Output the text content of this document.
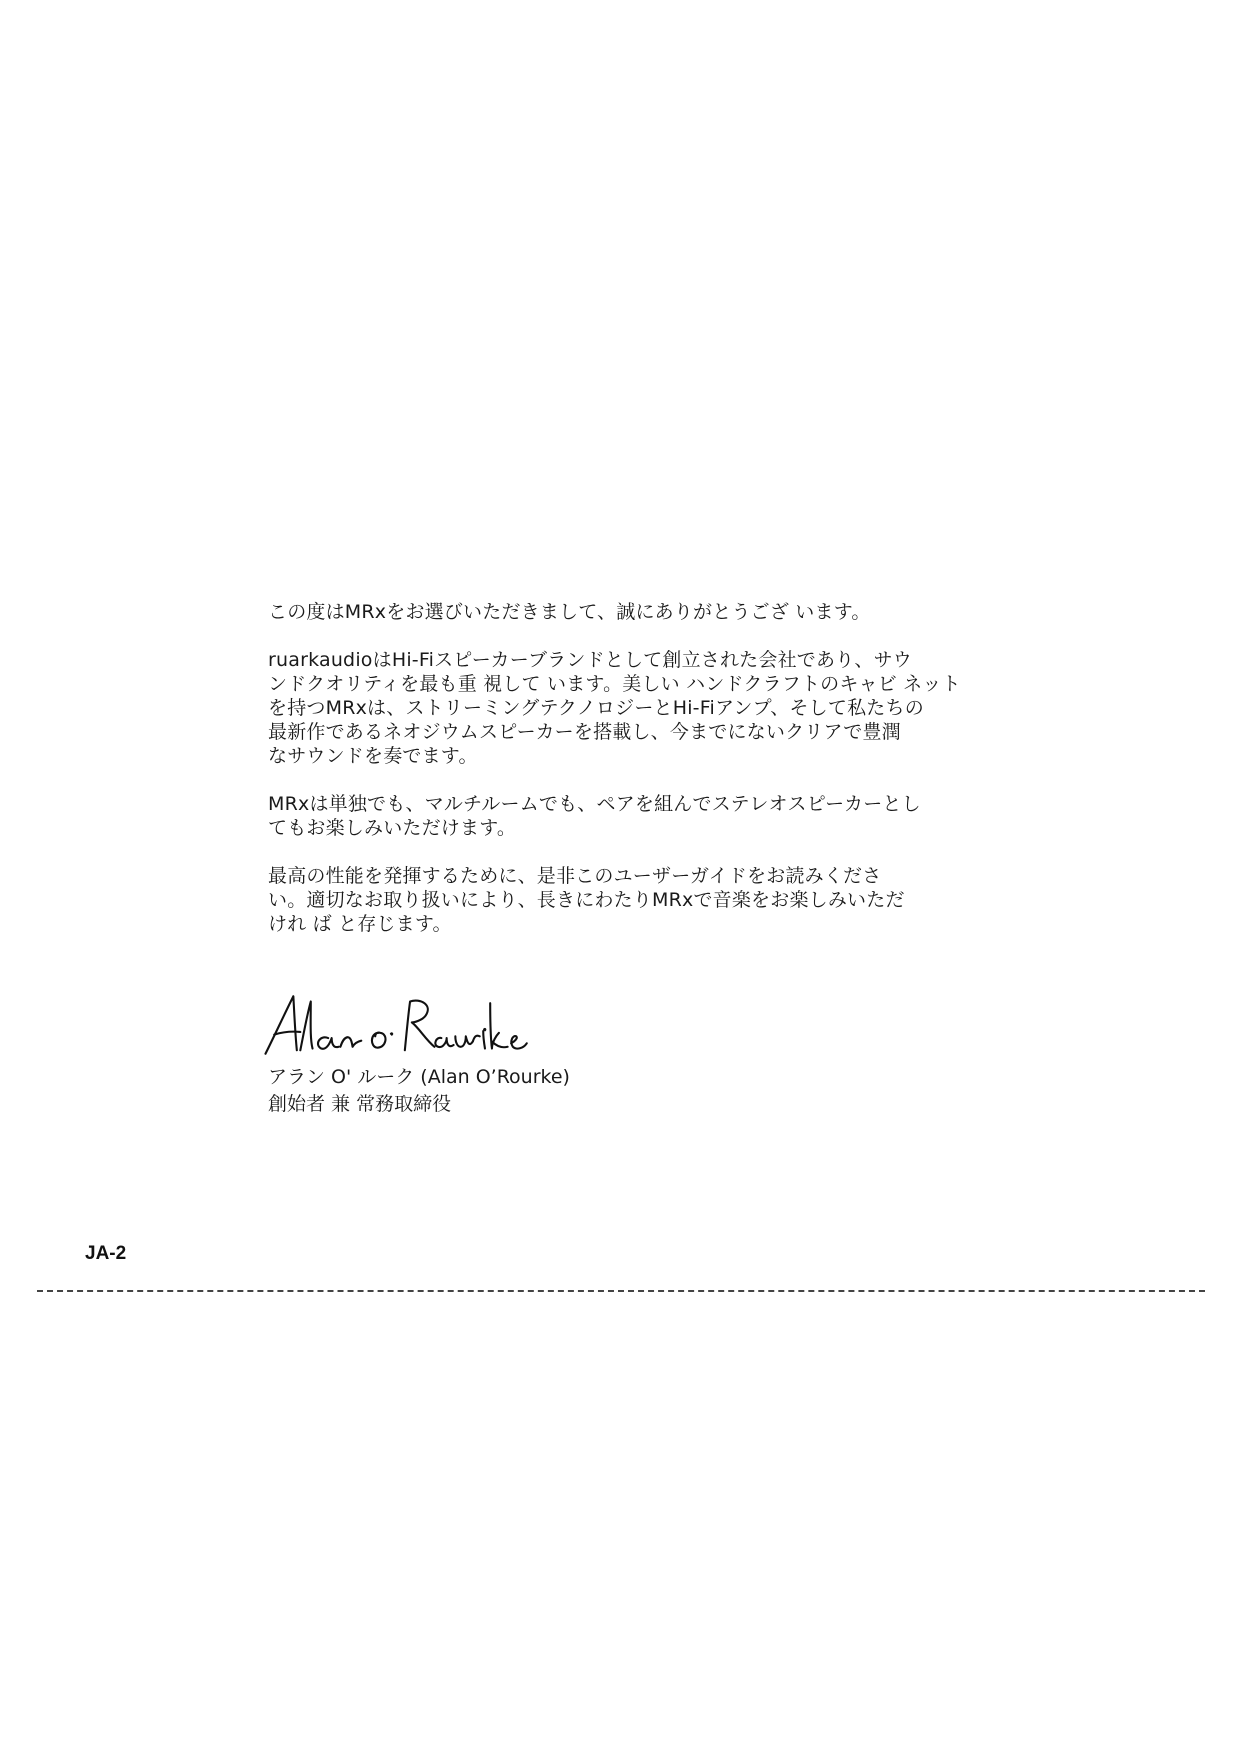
この度はMRxをお選びいただきまして、誠にありがとうござ います。
ruarkaudioはHi-Fiスピーカーブランドとして創立された会社であり、サウ
ンドクオリティを最も重 視して います。美しい ハンドクラフトのキャビ ネット
を持つMRxは、ストリーミングテクノロジーとHi-Fiアンプ、そして私たちの
最新作であるネオジウムスピーカーを搭載し、今までにないクリアで豊潤
なサウンドを奏でます。
MRxは単独でも、マルチルームでも、ペアを組んでステレオスピーカーとし
てもお楽しみいただけます。
最高の性能を発揮するために、是非このユーザーガイドをお読みくださ
い。適切なお取り扱いにより、長きにわたりMRxで音楽をお楽しみいただ
けれ ば と存じます。
アラン O' ルーク (Alan O’Rourke)
創始者 兼 常務取締役
JA-2
